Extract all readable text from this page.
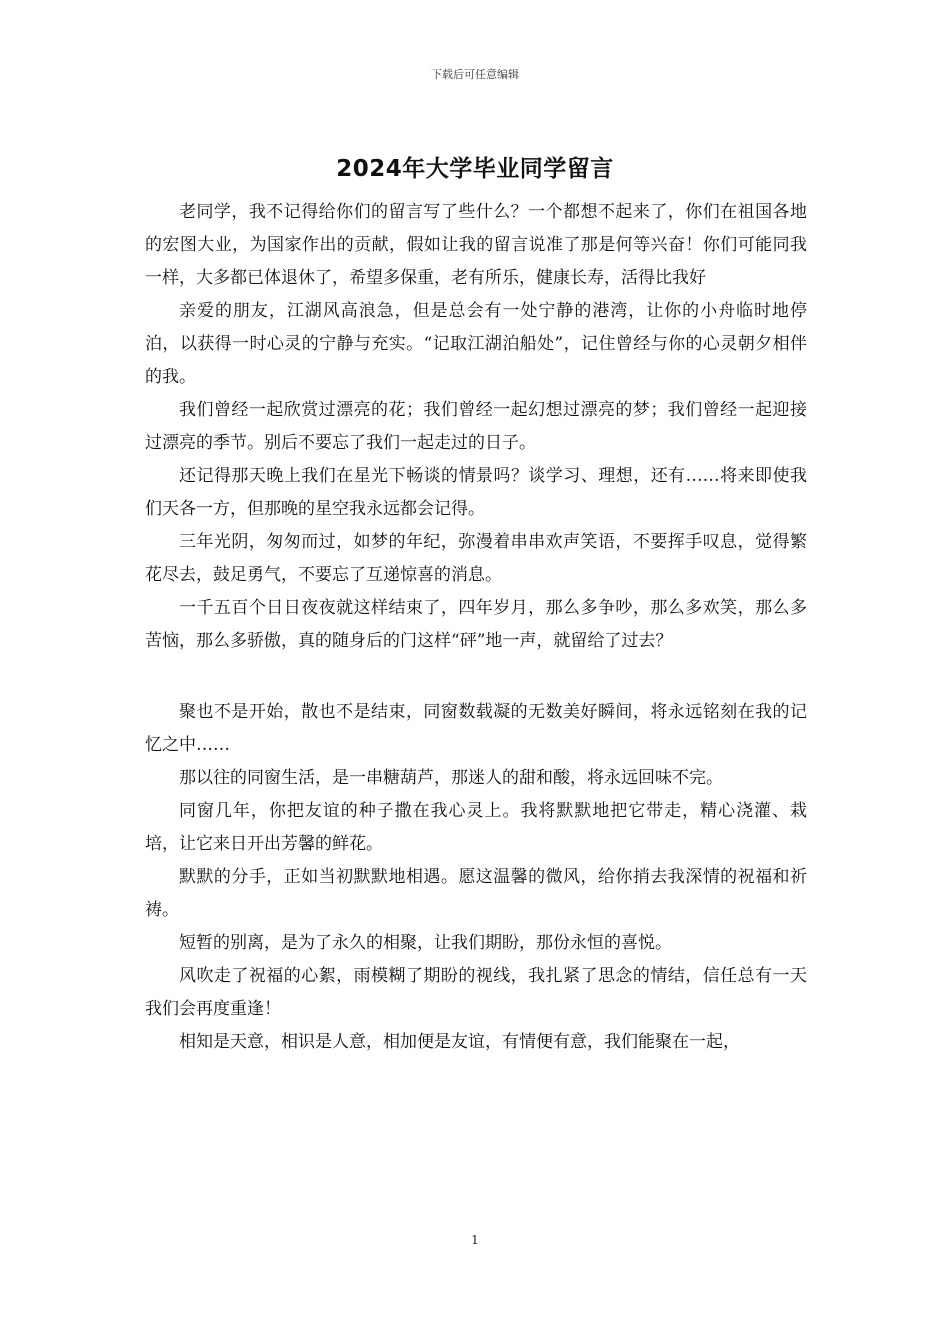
下载后可任意编辑
2024年大学毕业同学留言

老同学，我不记得给你们的留言写了些什么？一个都想不起来了，你们在祖国各地的宏图大业，为国家作出的贡献，假如让我的留言说准了那是何等兴奋！你们可能同我一样，大多都已体退休了，希望多保重，老有所乐，健康长寿，活得比我好

亲爱的朋友，江湖风高浪急，但是总会有一处宁静的港湾，让你的小舟临时地停泊，以获得一时心灵的宁静与充实。“记取江湖泊船处”，记住曾经与你的心灵朝夕相伴的我。

我们曾经一起欣赏过漂亮的花；我们曾经一起幻想过漂亮的梦；我们曾经一起迎接过漂亮的季节。别后不要忘了我们一起走过的日子。

还记得那天晚上我们在星光下畅谈的情景吗？谈学习、理想，还有……将来即使我们天各一方，但那晚的星空我永远都会记得。

三年光阴，匆匆而过，如梦的年纪，弥漫着串串欢声笑语，不要挥手叹息，觉得繁花尽去，鼓足勇气，不要忘了互递惊喜的消息。

一千五百个日日夜夜就这样结束了，四年岁月，那么多争吵，那么多欢笑，那么多苦恼，那么多骄傲，真的随身后的门这样“砰”地一声，就留给了过去？

聚也不是开始，散也不是结束，同窗数载凝的无数美好瞬间，将永远铭刻在我的记忆之中……

那以往的同窗生活，是一串糖葫芦，那迷人的甜和酸，将永远回味不完。

同窗几年，你把友谊的种子撒在我心灵上。我将默默地把它带走，精心浇灌、栽培，让它来日开出芳馨的鲜花。

默默的分手，正如当初默默地相遇。愿这温馨的微风，给你捎去我深情的祝福和祈祷。

短暂的别离，是为了永久的相聚，让我们期盼，那份永恒的喜悦。

风吹走了祝福的心絮，雨模糊了期盼的视线，我扎紧了思念的情结，信任总有一天我们会再度重逢！

相知是天意，相识是人意，相加便是友谊，有情便有意，我们能聚在一起，

1
